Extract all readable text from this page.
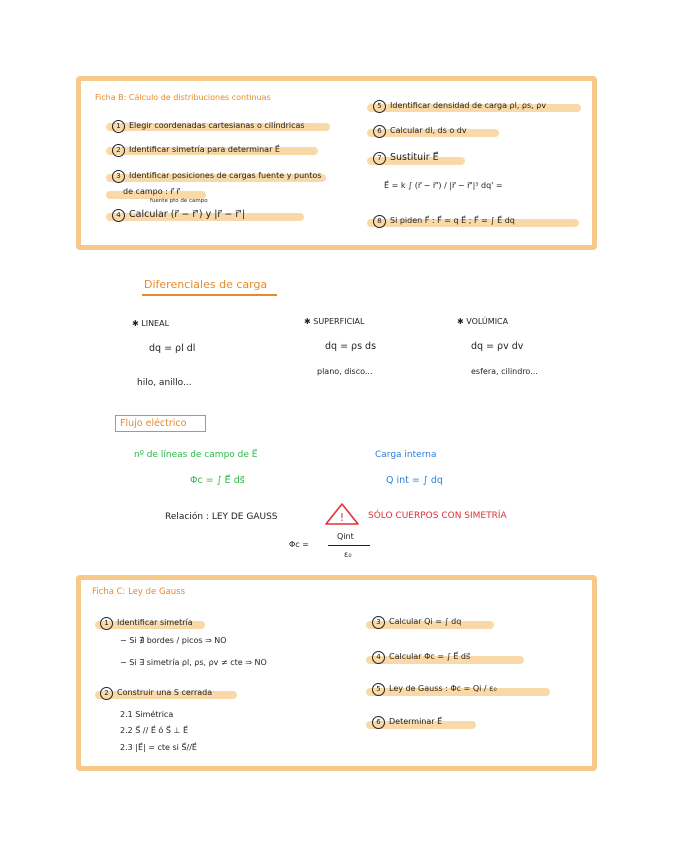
Ficha B: Cálculo de distribuciones continuas
1 Elegir coordenadas cartesianas o cilíndricas
2 Identificar simetría para determinar E⃗
3 Identificar posiciones de cargas fuente y puntos
de campo : r⃗ r⃗
fuente pto de campo
4 Calcular (r⃗ − r⃗') y |r⃗ − r⃗'|
5 Identificar densidad de carga ρl, ρs, ρv
6 Calcular dl, ds o dv
7 Sustituir E⃗
E⃗ = k ∫ (r⃗ − r⃗') / |r⃗ − r⃗'|³ dq' =
8 Si piden F⃗ : F⃗ = q E⃗ ; F⃗ = ∫ E⃗ dq
Diferenciales de carga
✱ LINEAL
dq = ρl dl
hilo, anillo...
✱ SUPERFICIAL
dq = ρs ds
plano, disco...
✱ VOLÚMICA
dq = ρv dv
esfera, cilindro...
Flujo eléctrico
nº de líneas de campo de E⃗
Φc = ∫ E⃗ ds⃗
Carga interna
Q int = ∫ dq
Relación : LEY DE GAUSS	!	SÓLO CUERPOS CON SIMETRÍA
Φc =
Qint
ε₀
Ficha C: Ley de Gauss
1 Identificar simetría
− Si ∄ bordes / picos ⇒ NO
− Si ∃ simetría ρl, ρs, ρv ≠ cte ⇒ NO
2 Construir una S cerrada
2.1 Simétrica
2.2 S⃗ // E⃗ ó S⃗ ⊥ E⃗
2.3 |E⃗| = cte si S⃗//E⃗
3 Calcular Qi = ∫ dq
4 Calcular Φc = ∫ E⃗ ds⃗
5 Ley de Gauss : Φc = Qi / ε₀
6 Determinar E⃗
